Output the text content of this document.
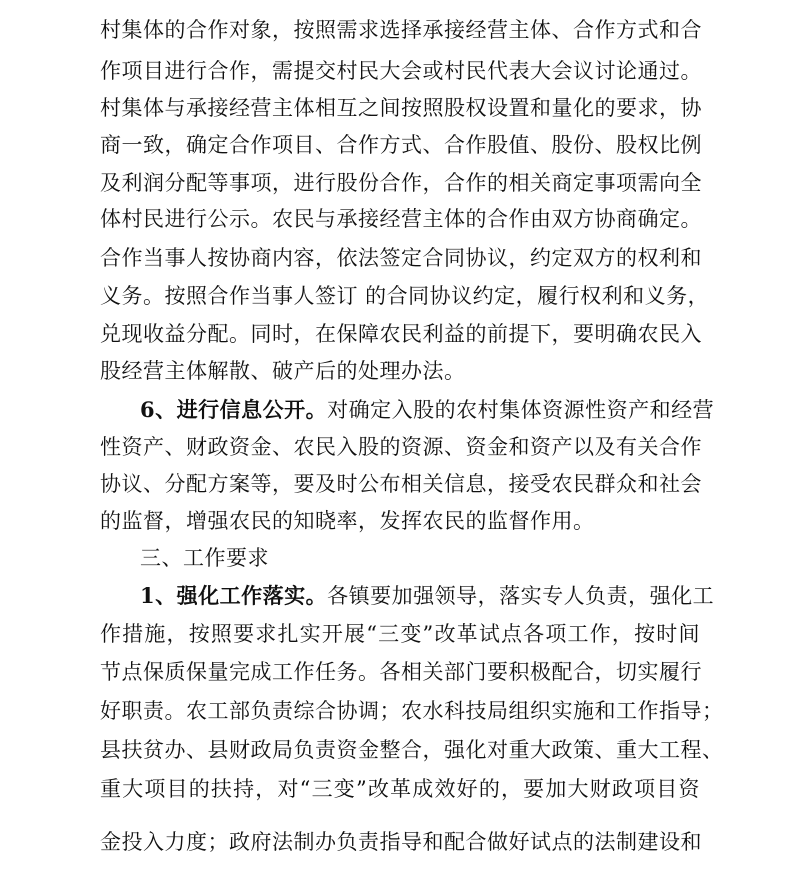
村集体的合作对象，按照需求选择承接经营主体、合作方式和合
作项目进行合作，需提交村民大会或村民代表大会议讨论通过。
村集体与承接经营主体相互之间按照股权设置和量化的要求，协
商一致，确定合作项目、合作方式、合作股值、股份、股权比例
及利润分配等事项，进行股份合作，合作的相关商定事项需向全
体村民进行公示。农民与承接经营主体的合作由双方协商确定。
合作当事人按协商内容，依法签定合同协议，约定双方的权利和
义务。按照合作当事人签订 的合同协议约定，履行权利和义务，
兑现收益分配。同时，在保障农民利益的前提下，要明确农民入
股经营主体解散、破产后的处理办法。
6、进行信息公开。对确定入股的农村集体资源性资产和经营
性资产、财政资金、农民入股的资源、资金和资产以及有关合作
协议、分配方案等，要及时公布相关信息，接受农民群众和社会
的监督，增强农民的知晓率，发挥农民的监督作用。
三、工作要求
1、强化工作落实。各镇要加强领导，落实专人负责，强化工
作措施，按照要求扎实开展“三变”改革试点各项工作，按时间
节点保质保量完成工作任务。各相关部门要积极配合，切实履行
好职责。农工部负责综合协调；农水科技局组织实施和工作指导；
县扶贫办、县财政局负责资金整合，强化对重大政策、重大工程、
重大项目的扶持，对“三变”改革成效好的，要加大财政项目资
金投入力度；政府法制办负责指导和配合做好试点的法制建设和
